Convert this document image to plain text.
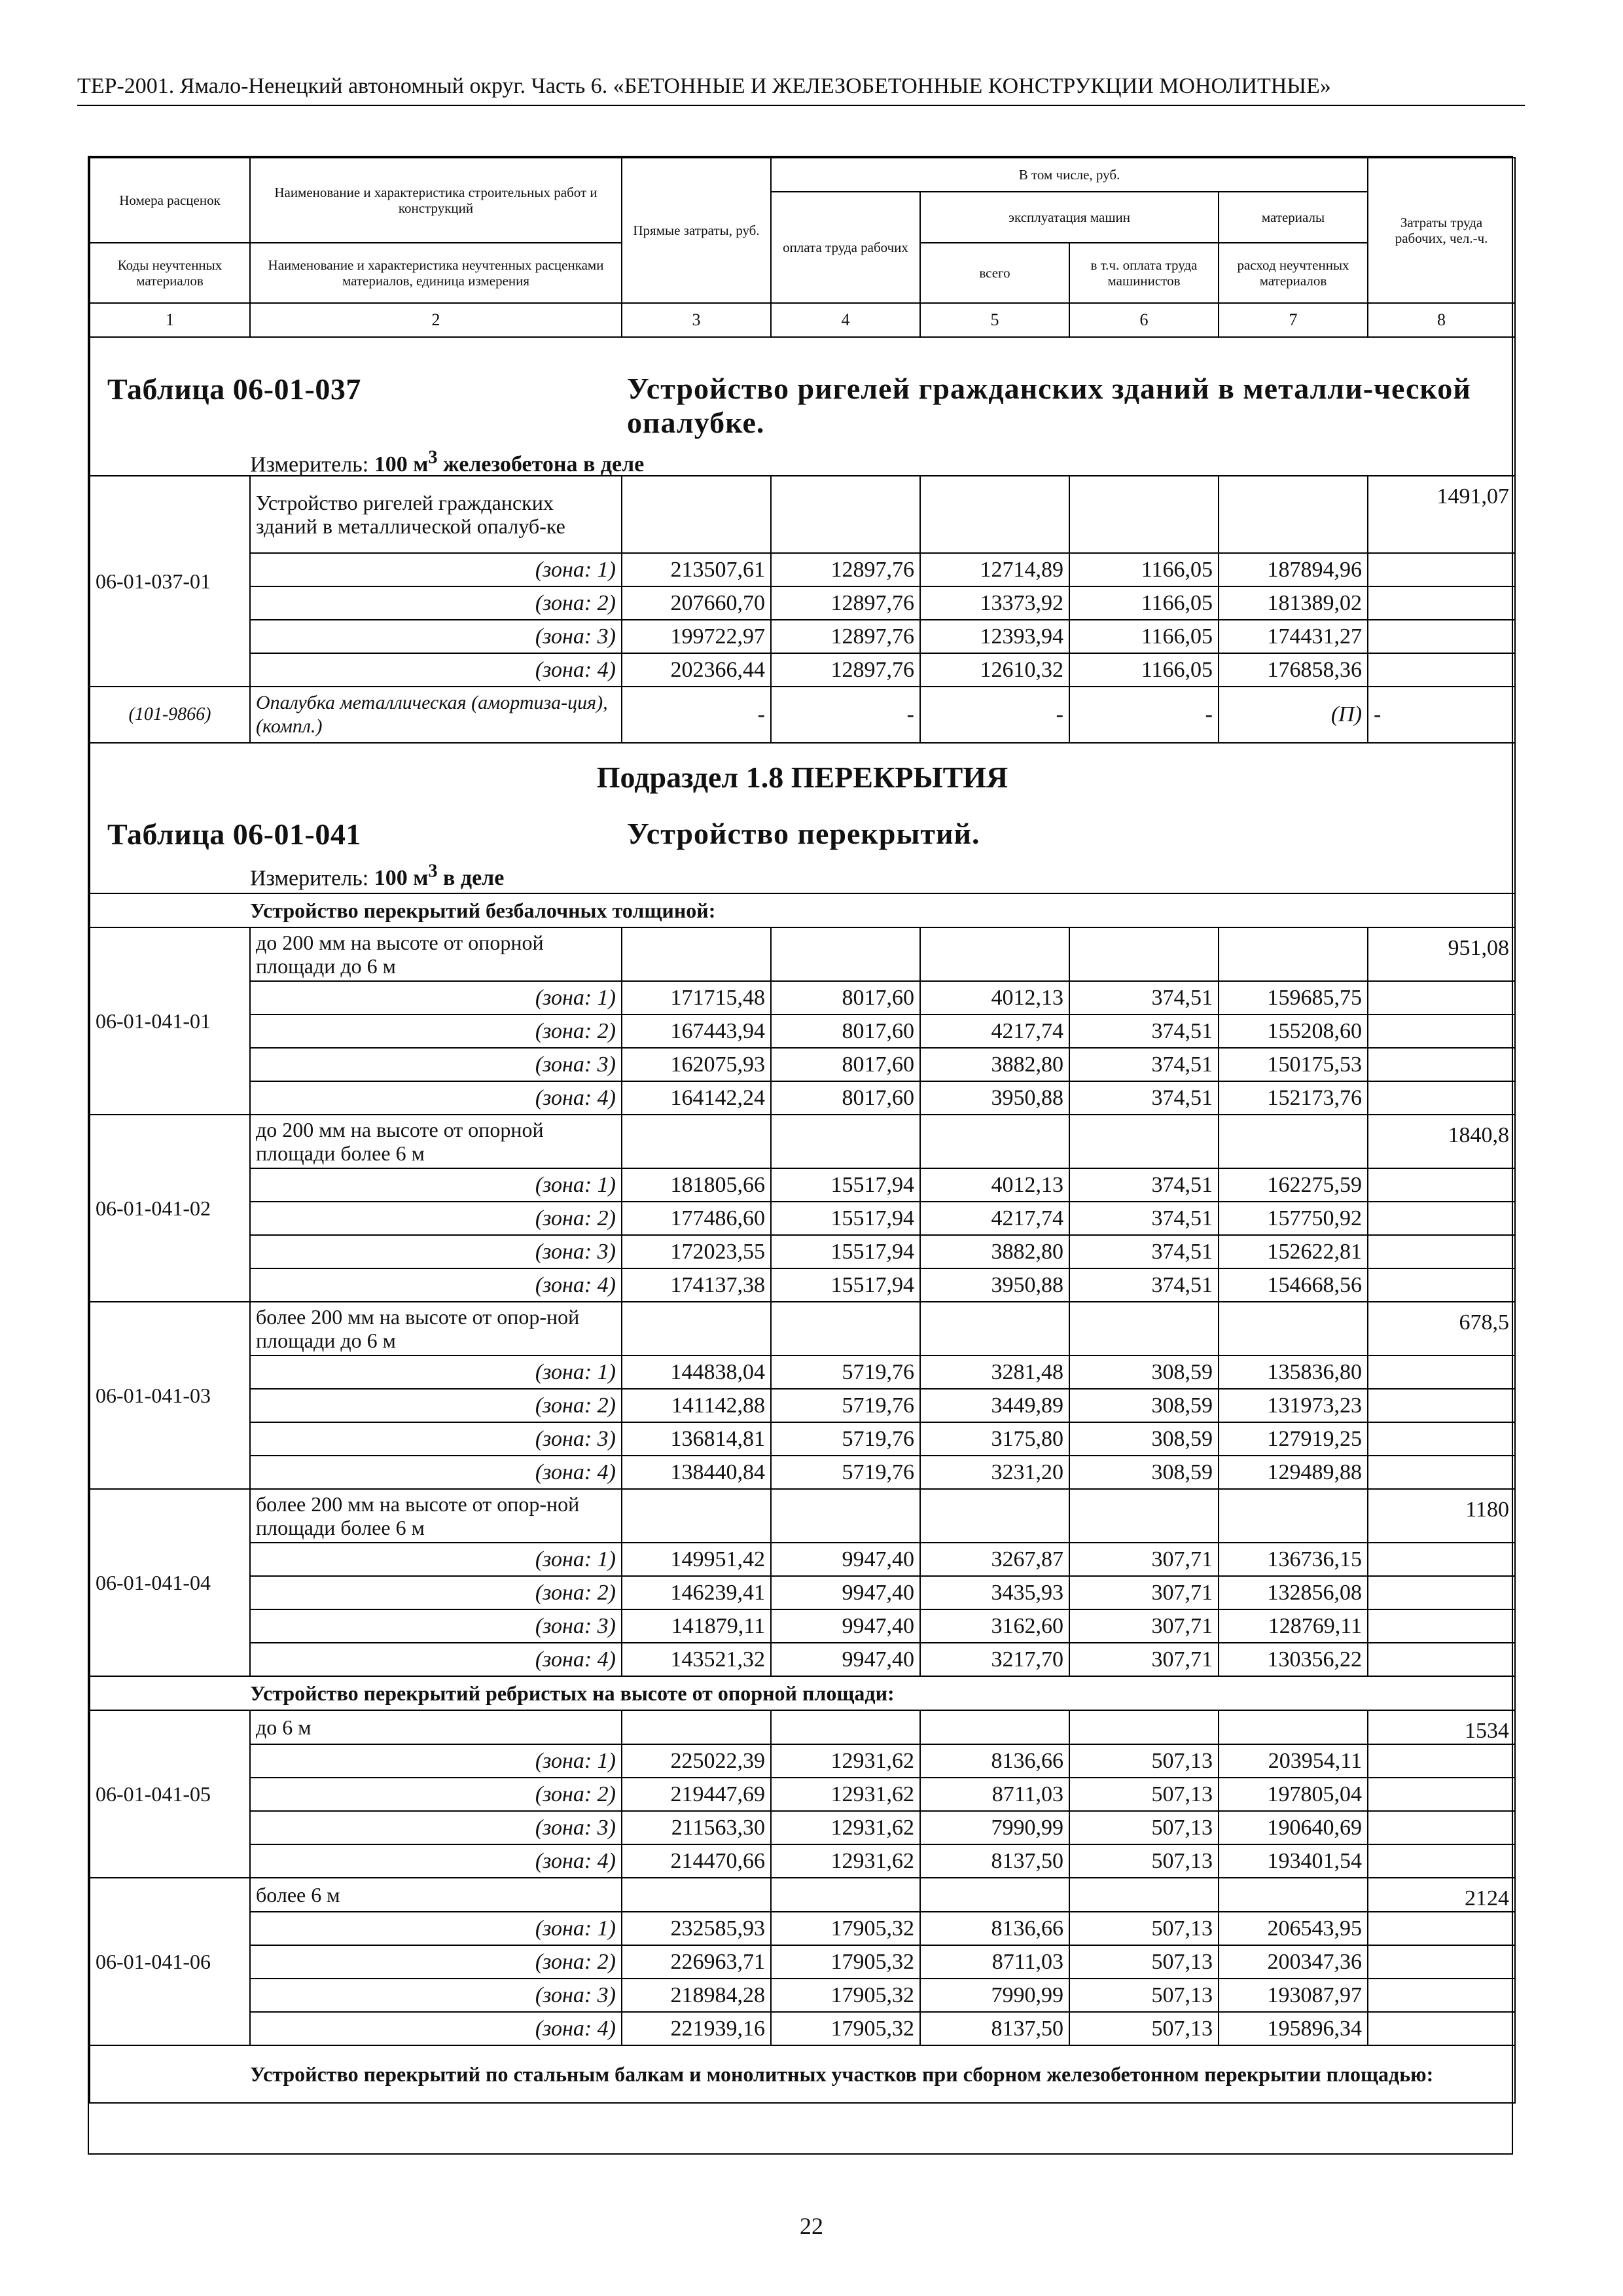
ТЕР-2001. Ямало-Ненецкий автономный округ. Часть 6. «БЕТОННЫЕ И ЖЕЛЕЗОБЕТОННЫЕ КОНСТРУКЦИИ МОНОЛИТНЫЕ»
Номера расценок	Наименование и характеристика строительных работ и конструкций	Прямые затраты, руб.	В том числе, руб.				Затраты труда рабочих, чел.-ч.
			оплата труда рабочих	эксплуатация машин		материалы	
Коды неучтенных материалов	Наименование и характеристика неучтенных расценками материалов, единица измерения			всего	в т.ч. оплата труда машинистов	расход неучтенных материалов	

1	2	3	4	5	6	7	8

Таблица 06-01-037 Устройство ригелей гражданских зданий в металли-ческой опалубке.
Измеритель: 100 $м^3$ железобетона в деле							

06-01-037-01	Устройство ригелей гражданских зданий в металлической опалуб-ке						1491,07
	(зона: 1)	213507,61	12897,76	12714,89	1166,05	187894,96	
	(зона: 2)	207660,70	12897,76	13373,92	1166,05	181389,02	
	(зона: 3)	199722,97	12897,76	12393,94	1166,05	174431,27	
	(зона: 4)	202366,44	12897,76	12610,32	1166,05	176858,36	
(101-9866)	Опалубка металлическая (амортиза-ция), (компл.)	-	-	-	-	(П)	-

Подраздел 1.8 ПЕРЕКРЫТИЯ
Таблица 06-01-041 Устройство перекрытий.
Измеритель: 100 $м^3$ в деле							

Устройство перекрытий безбалочных толщиной:							
06-01-041-01	до 200 мм на высоте от опорной площади до 6 м						951,08
	(зона: 1)	171715,48	8017,60	4012,13	374,51	159685,75	
	(зона: 2)	167443,94	8017,60	4217,74	374,51	155208,60	
	(зона: 3)	162075,93	8017,60	3882,80	374,51	150175,53	
	(зона: 4)	164142,24	8017,60	3950,88	374,51	152173,76	
06-01-041-02	до 200 мм на высоте от опорной площади более 6 м						1840,8
	(зона: 1)	181805,66	15517,94	4012,13	374,51	162275,59	
	(зона: 2)	177486,60	15517,94	4217,74	374,51	157750,92	
	(зона: 3)	172023,55	15517,94	3882,80	374,51	152622,81	
	(зона: 4)	174137,38	15517,94	3950,88	374,51	154668,56	
06-01-041-03	более 200 мм на высоте от опор-ной площади до 6 м						678,5
	(зона: 1)	144838,04	5719,76	3281,48	308,59	135836,80	
	(зона: 2)	141142,88	5719,76	3449,89	308,59	131973,23	
	(зона: 3)	136814,81	5719,76	3175,80	308,59	127919,25	
	(зона: 4)	138440,84	5719,76	3231,20	308,59	129489,88	
06-01-041-04	более 200 мм на высоте от опор-ной площади более 6 м						1180
	(зона: 1)	149951,42	9947,40	3267,87	307,71	136736,15	
	(зона: 2)	146239,41	9947,40	3435,93	307,71	132856,08	
	(зона: 3)	141879,11	9947,40	3162,60	307,71	128769,11	
	(зона: 4)	143521,32	9947,40	3217,70	307,71	130356,22	
Устройство перекрытий ребристых на высоте от опорной площади:							
06-01-041-05	до 6 м						1534
	(зона: 1)	225022,39	12931,62	8136,66	507,13	203954,11	
	(зона: 2)	219447,69	12931,62	8711,03	507,13	197805,04	
	(зона: 3)	211563,30	12931,62	7990,99	507,13	190640,69	
	(зона: 4)	214470,66	12931,62	8137,50	507,13	193401,54	
06-01-041-06	более 6 м						2124
	(зона: 1)	232585,93	17905,32	8136,66	507,13	206543,95	
	(зона: 2)	226963,71	17905,32	8711,03	507,13	200347,36	
	(зона: 3)	218984,28	17905,32	7990,99	507,13	193087,97	
	(зона: 4)	221939,16	17905,32	8137,50	507,13	195896,34	
Устройство перекрытий по стальным балкам и монолитных участков при сборном железобетонном перекрытии площадью:							
22
